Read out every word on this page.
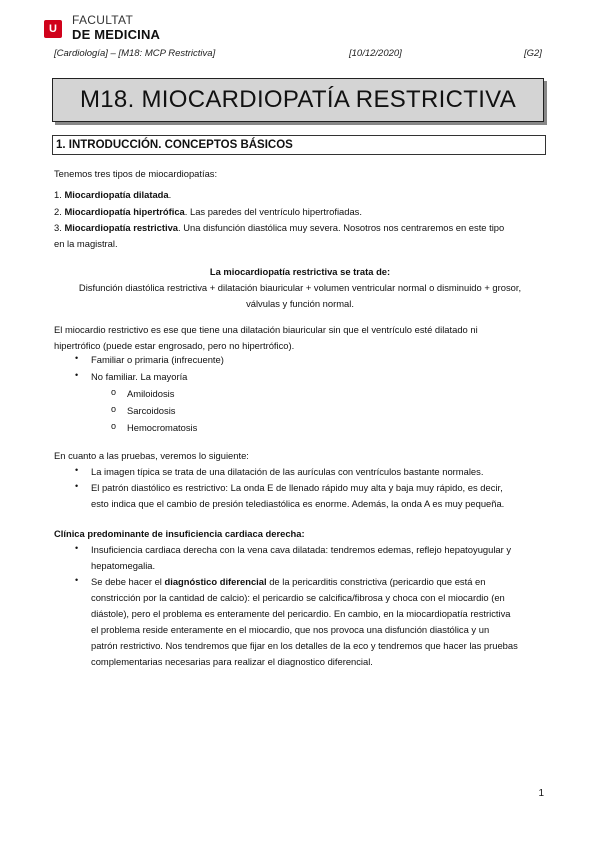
U
FACULTAT
DE MEDICINA
[Cardiología] – [M18: MCP Restrictiva]	[10/12/2020]	[G2]
M18. MIOCARDIOPATÍA RESTRICTIVA
1. INTRODUCCIÓN. CONCEPTOS BÁSICOS
Tenemos tres tipos de miocardiopatías:
1. Miocardiopatía dilatada.
2. Miocardiopatía hipertrófica. Las paredes del ventrículo hipertrofiadas.
3. Miocardiopatía restrictiva. Una disfunción diastólica muy severa. Nosotros nos centraremos en este tipo
en la magistral.
La miocardiopatía restrictiva se trata de:
Disfunción diastólica restrictiva + dilatación biauricular + volumen ventricular normal o disminuido + grosor,
válvulas y función normal.
El miocardio restrictivo es ese que tiene una dilatación biauricular sin que el ventrículo esté dilatado ni
hipertrófico (puede estar engrosado, pero no hipertrófico).
• Familiar o primaria (infrecuente)
• No familiar. La mayoría
o Amiloidosis
o Sarcoidosis
o Hemocromatosis
En cuanto a las pruebas, veremos lo siguiente:
• La imagen típica se trata de una dilatación de las aurículas con ventrículos bastante normales.
• El patrón diastólico es restrictivo: La onda E de llenado rápido muy alta y baja muy rápido, es decir,
esto indica que el cambio de presión telediastólica es enorme. Además, la onda A es muy pequeña.
Clínica predominante de insuficiencia cardiaca derecha:
• Insuficiencia cardiaca derecha con la vena cava dilatada: tendremos edemas, reflejo hepatoyugular y
hepatomegalia.
• Se debe hacer el diagnóstico diferencial de la pericarditis constrictiva (pericardio que está en
constricción por la cantidad de calcio): el pericardio se calcifica/fibrosa y choca con el miocardio (en
diástole), pero el problema es enteramente del pericardio. En cambio, en la miocardiopatía restrictiva
el problema reside enteramente en el miocardio, que nos provoca una disfunción diastólica y un
patrón restrictivo. Nos tendremos que fijar en los detalles de la eco y tendremos que hacer las pruebas
complementarias necesarias para realizar el diagnostico diferencial.
1
